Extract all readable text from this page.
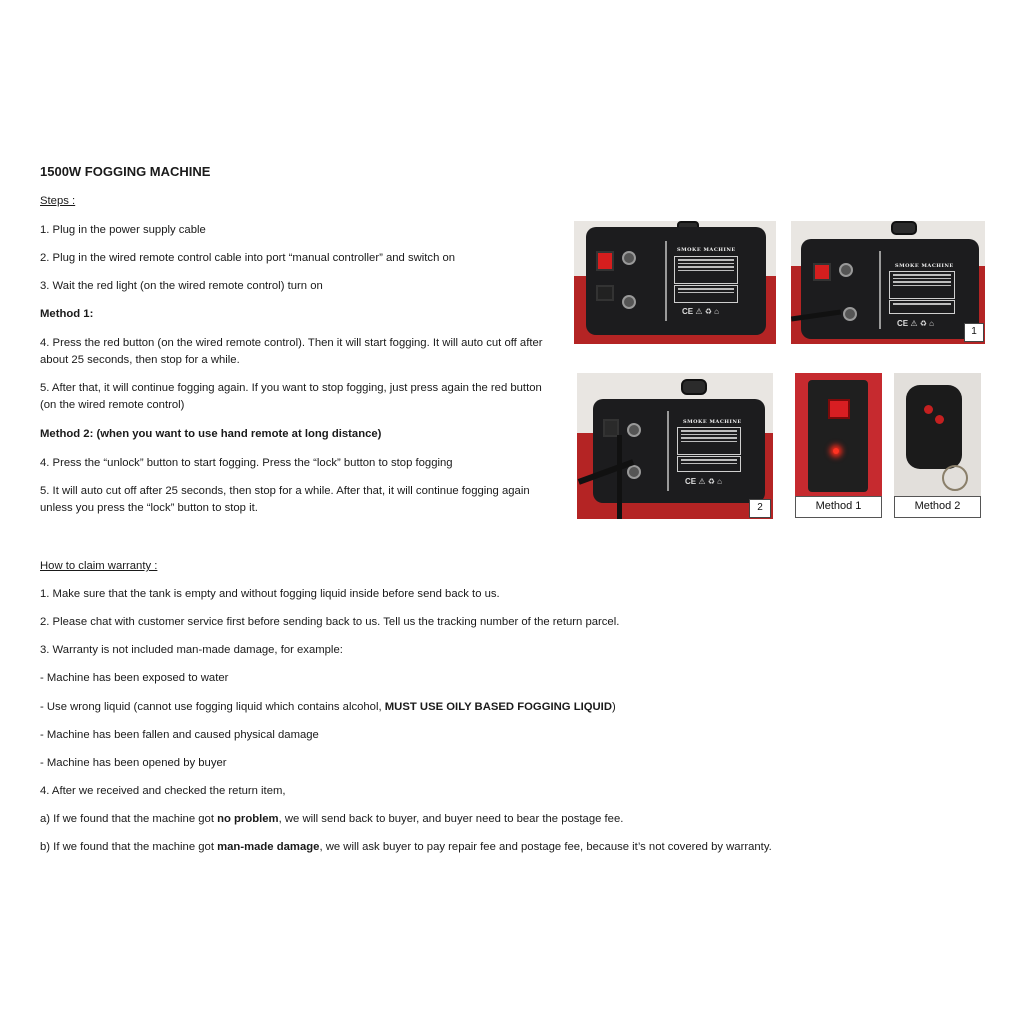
1500W FOGGING MACHINE
Steps :
1. Plug in the power supply cable
2. Plug in the wired remote control cable into port “manual controller” and switch on
3. Wait the red light (on the wired remote control) turn on
Method 1:
4. Press the red button (on the wired remote control). Then it will start fogging. It will auto cut off after about 25 seconds, then stop for a while.
5. After that, it will continue fogging again. If you want to stop fogging, just press again the red button (on the wired remote control)
Method 2: (when you want to use hand remote at long distance)
4. Press the “unlock” button to start fogging. Press the “lock” button to stop fogging
5. It will auto cut off after 25 seconds, then stop for a while. After that, it will continue fogging again unless you press the “lock” button to stop it.
How to claim warranty :
1. Make sure that the tank is empty and without fogging liquid inside before send back to us.
2. Please chat with customer service first before sending back to us. Tell us the tracking number of the return parcel.
3. Warranty is not included man-made damage, for example:
- Machine has been exposed to water
- Use wrong liquid (cannot use fogging liquid which contains alcohol, MUST USE OILY BASED FOGGING LIQUID)
- Machine has been fallen and caused physical damage
- Machine has been opened by buyer
4. After we received and checked the return item,
a) If we found that the machine got no problem, we will send back to buyer, and buyer need to bear the postage fee.
b) If we found that the machine got man-made damage, we will ask buyer to pay repair fee and postage fee, because it’s not covered by warranty.
SMOKE MACHINE
CE ⚠ ♻ ⌂
SMOKE MACHINE
CE ⚠ ♻ ⌂
1
SMOKE MACHINE
CE ⚠ ♻ ⌂
2	Method 1	Method 2
